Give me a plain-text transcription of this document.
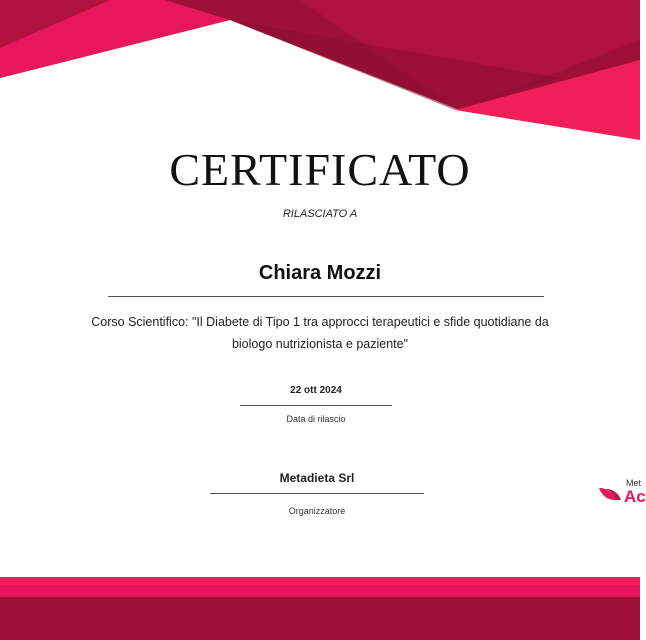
CERTIFICATO
RILASCIATO A
Chiara Mozzi
Corso Scientifico: "Il Diabete di Tipo 1 tra approcci terapeutici e sfide quotidiane da
biologo nutrizionista e paziente"
22 ott 2024
Data di rilascio
Metadieta Srl
Organizzatore
Met
Ac
